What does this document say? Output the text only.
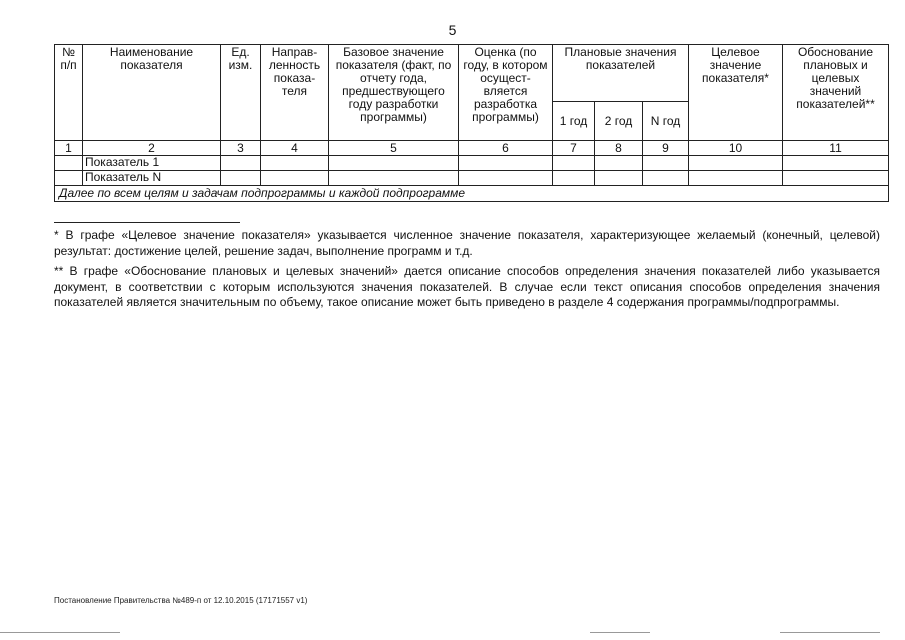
5
№ п/п	Наименование показателя	Ед. изм.	Направ-ленность показа-теля	Базовое значение показателя (факт, по отчету года, предшествующего году разработки программы)	Оценка (по году, в котором осущест-вляется разработка программы)	Плановые значения показателей			Целевое значение показателя*	Обоснование плановых и целевых значений показателей**
						1 год	2 год	N год		
1	2	3	4	5	6	7	8	9	10	11
	Показатель 1									
	Показатель N									
Далее по всем целям и задачам подпрограммы и каждой подпрограмме										
* В графе «Целевое значение показателя» указывается численное значение показателя, характеризующее желаемый (конечный, целевой) результат: достижение целей, решение задач, выполнение программ и т.д.
** В графе «Обоснование плановых и целевых значений» дается описание способов определения значения показателей либо указывается документ, в соответствии с которым используются значения показателей. В случае если текст описания способов определения значения показателей является значительным по объему, такое описание может быть приведено в разделе 4 содержания программы/подпрограммы.
Постановление Правительства №489-п от 12.10.2015 (17171557 v1)
